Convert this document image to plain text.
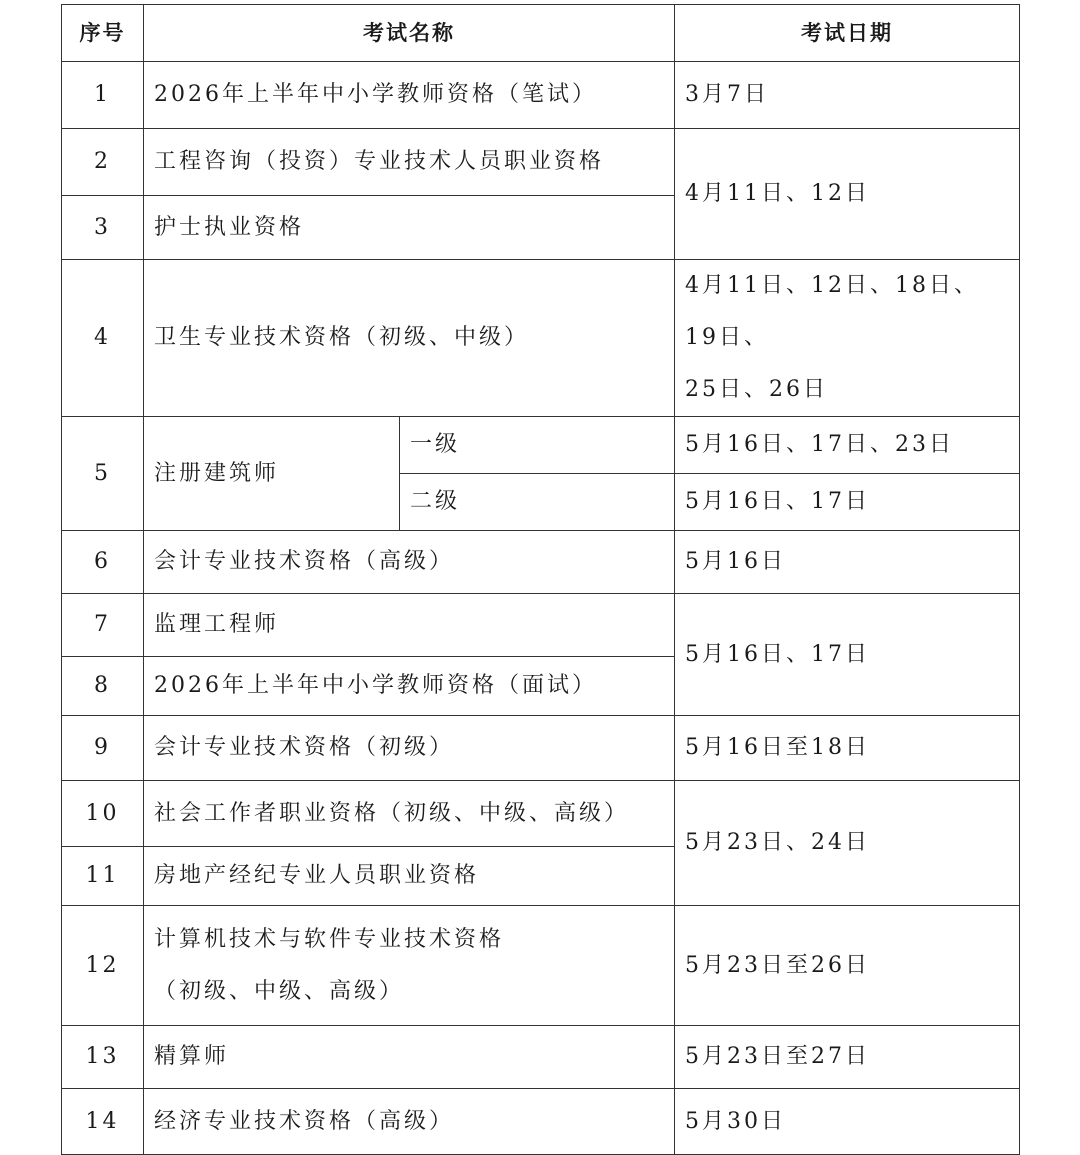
序号	考试名称		考试日期
1	2026年上半年中小学教师资格（笔试）		3月7日
2	工程咨询（投资）专业技术人员职业资格		4月11日、12日
3	护士执业资格		
4	卫生专业技术资格（初级、中级）		4月11日、12日、18日、19日、
25日、26日

5	注册建筑师	一级	5月16日、17日、23日
		二级	5月16日、17日
6	会计专业技术资格（高级）		5月16日
7	监理工程师		5月16日、17日
8	2026年上半年中小学教师资格（面试）		
9	会计专业技术资格（初级）		5月16日至18日
10	社会工作者职业资格（初级、中级、高级）		5月23日、24日
11	房地产经纪专业人员职业资格		
12	计算机技术与软件专业技术资格
（初级、中级、高级）		5月23日至26日
13	精算师		5月23日至27日
14	经济专业技术资格（高级）		5月30日
